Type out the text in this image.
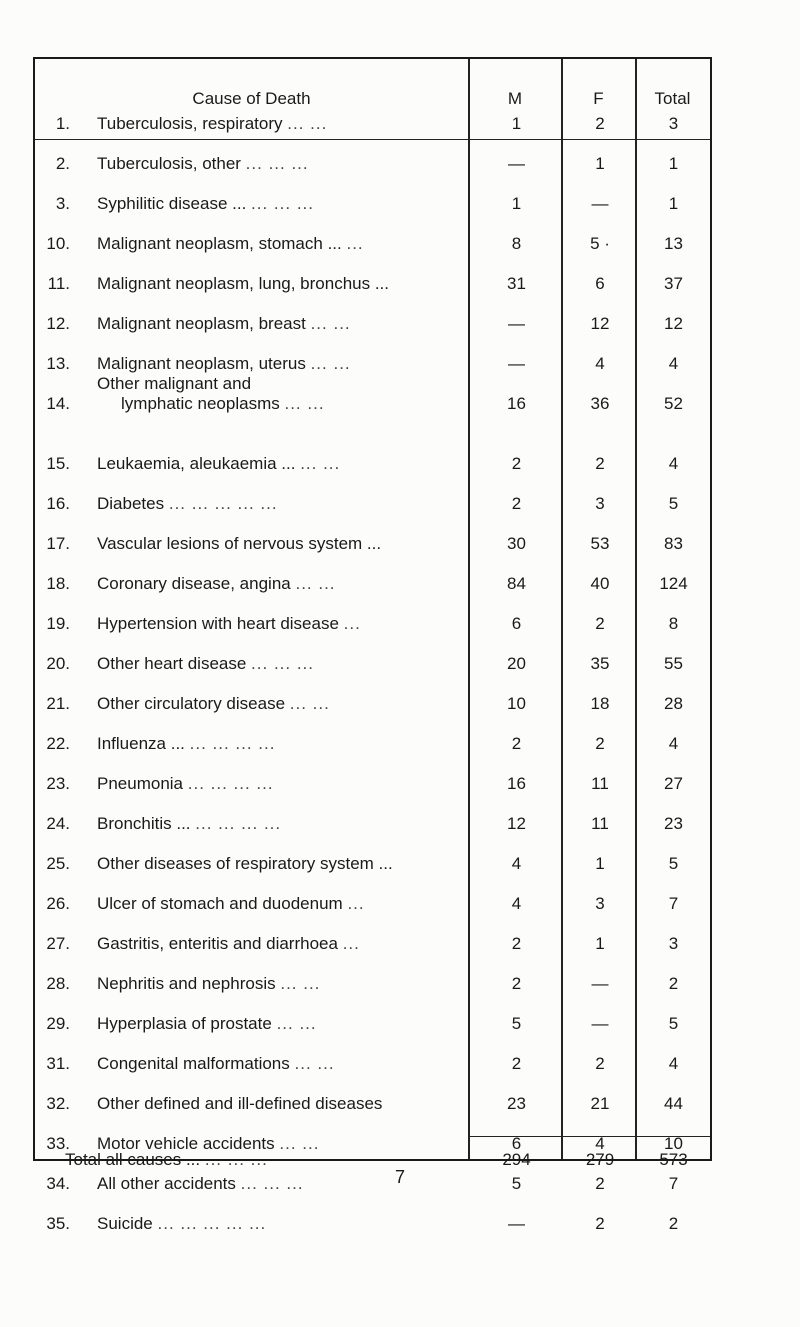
Cause of Death	M	F	Total
1. Tuberculosis, respiratory ... ...	1	2	3
2. Tuberculosis, other ... ... ...	—	1	1
3. Syphilitic disease ... ... ... ...	1	—	1
10. Malignant neoplasm, stomach ... ...	8	5 ·	13
11. Malignant neoplasm, lung, bronchus ...	31	6	37
12. Malignant neoplasm, breast ... ...	—	12	12
13. Malignant neoplasm, uterus ... ...	—	4	4
14.
Other malignant and
lymphatic neoplasms ... ...	16	36	52
15. Leukaemia, aleukaemia ... ... ...	2	2	4
16. Diabetes ... ... ... ... ...	2	3	5
17. Vascular lesions of nervous system ...	30	53	83
18. Coronary disease, angina ... ...	84	40	124
19. Hypertension with heart disease ...	6	2	8
20. Other heart disease ... ... ...	20	35	55
21. Other circulatory disease ... ...	10	18	28
22. Influenza ... ... ... ... ...	2	2	4
23. Pneumonia ... ... ... ...	16	11	27
24. Bronchitis ... ... ... ... ...	12	11	23
25. Other diseases of respiratory system ...	4	1	5
26. Ulcer of stomach and duodenum ...	4	3	7
27. Gastritis, enteritis and diarrhoea ...	2	1	3
28. Nephritis and nephrosis ... ...	2	—	2
29. Hyperplasia of prostate ... ...	5	—	5
31. Congenital malformations ... ...	2	2	4
32. Other defined and ill-defined diseases	23	21	44
33. Motor vehicle accidents ... ...	6	4	10
34. All other accidents ... ... ...	5	2	7
35. Suicide ... ... ... ... ...	—	2	2
Total all causes ... ... ... ...	294	279	573
7
